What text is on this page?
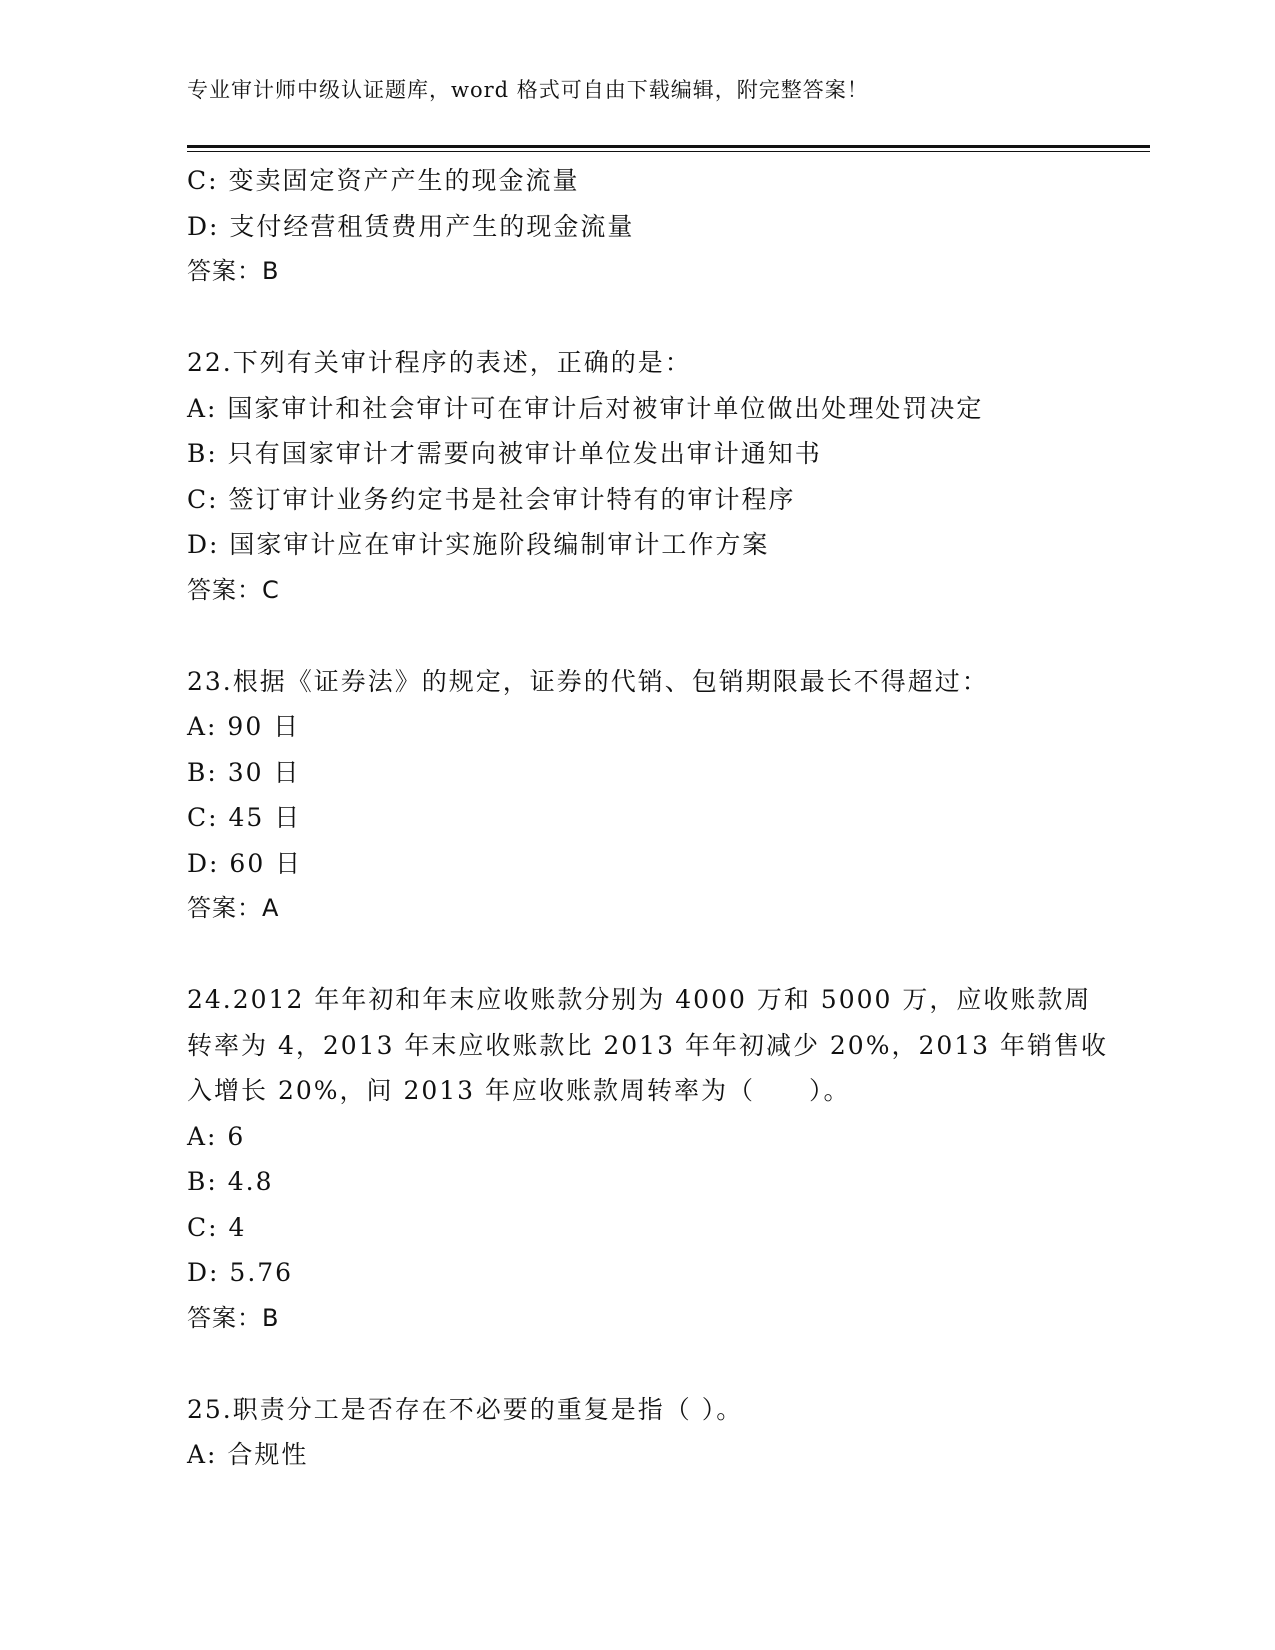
专业审计师中级认证题库，word 格式可自由下载编辑，附完整答案！
C: 变卖固定资产产生的现金流量
D: 支付经营租赁费用产生的现金流量
答案：B
22.下列有关审计程序的表述，正确的是：
A: 国家审计和社会审计可在审计后对被审计单位做出处理处罚决定
B: 只有国家审计才需要向被审计单位发出审计通知书
C: 签订审计业务约定书是社会审计特有的审计程序
D: 国家审计应在审计实施阶段编制审计工作方案
答案：C
23.根据《证券法》的规定，证券的代销、包销期限最长不得超过：
A: 90 日
B: 30 日
C: 45 日
D: 60 日
答案：A
24.2012 年年初和年末应收账款分别为 4000 万和 5000 万，应收账款周
转率为 4，2013 年末应收账款比 2013 年年初减少 20%，2013 年销售收
入增长 20%，问 2013 年应收账款周转率为（　　）。
A: 6
B: 4.8
C: 4
D: 5.76
答案：B
25.职责分工是否存在不必要的重复是指（ ）。
A: 合规性
